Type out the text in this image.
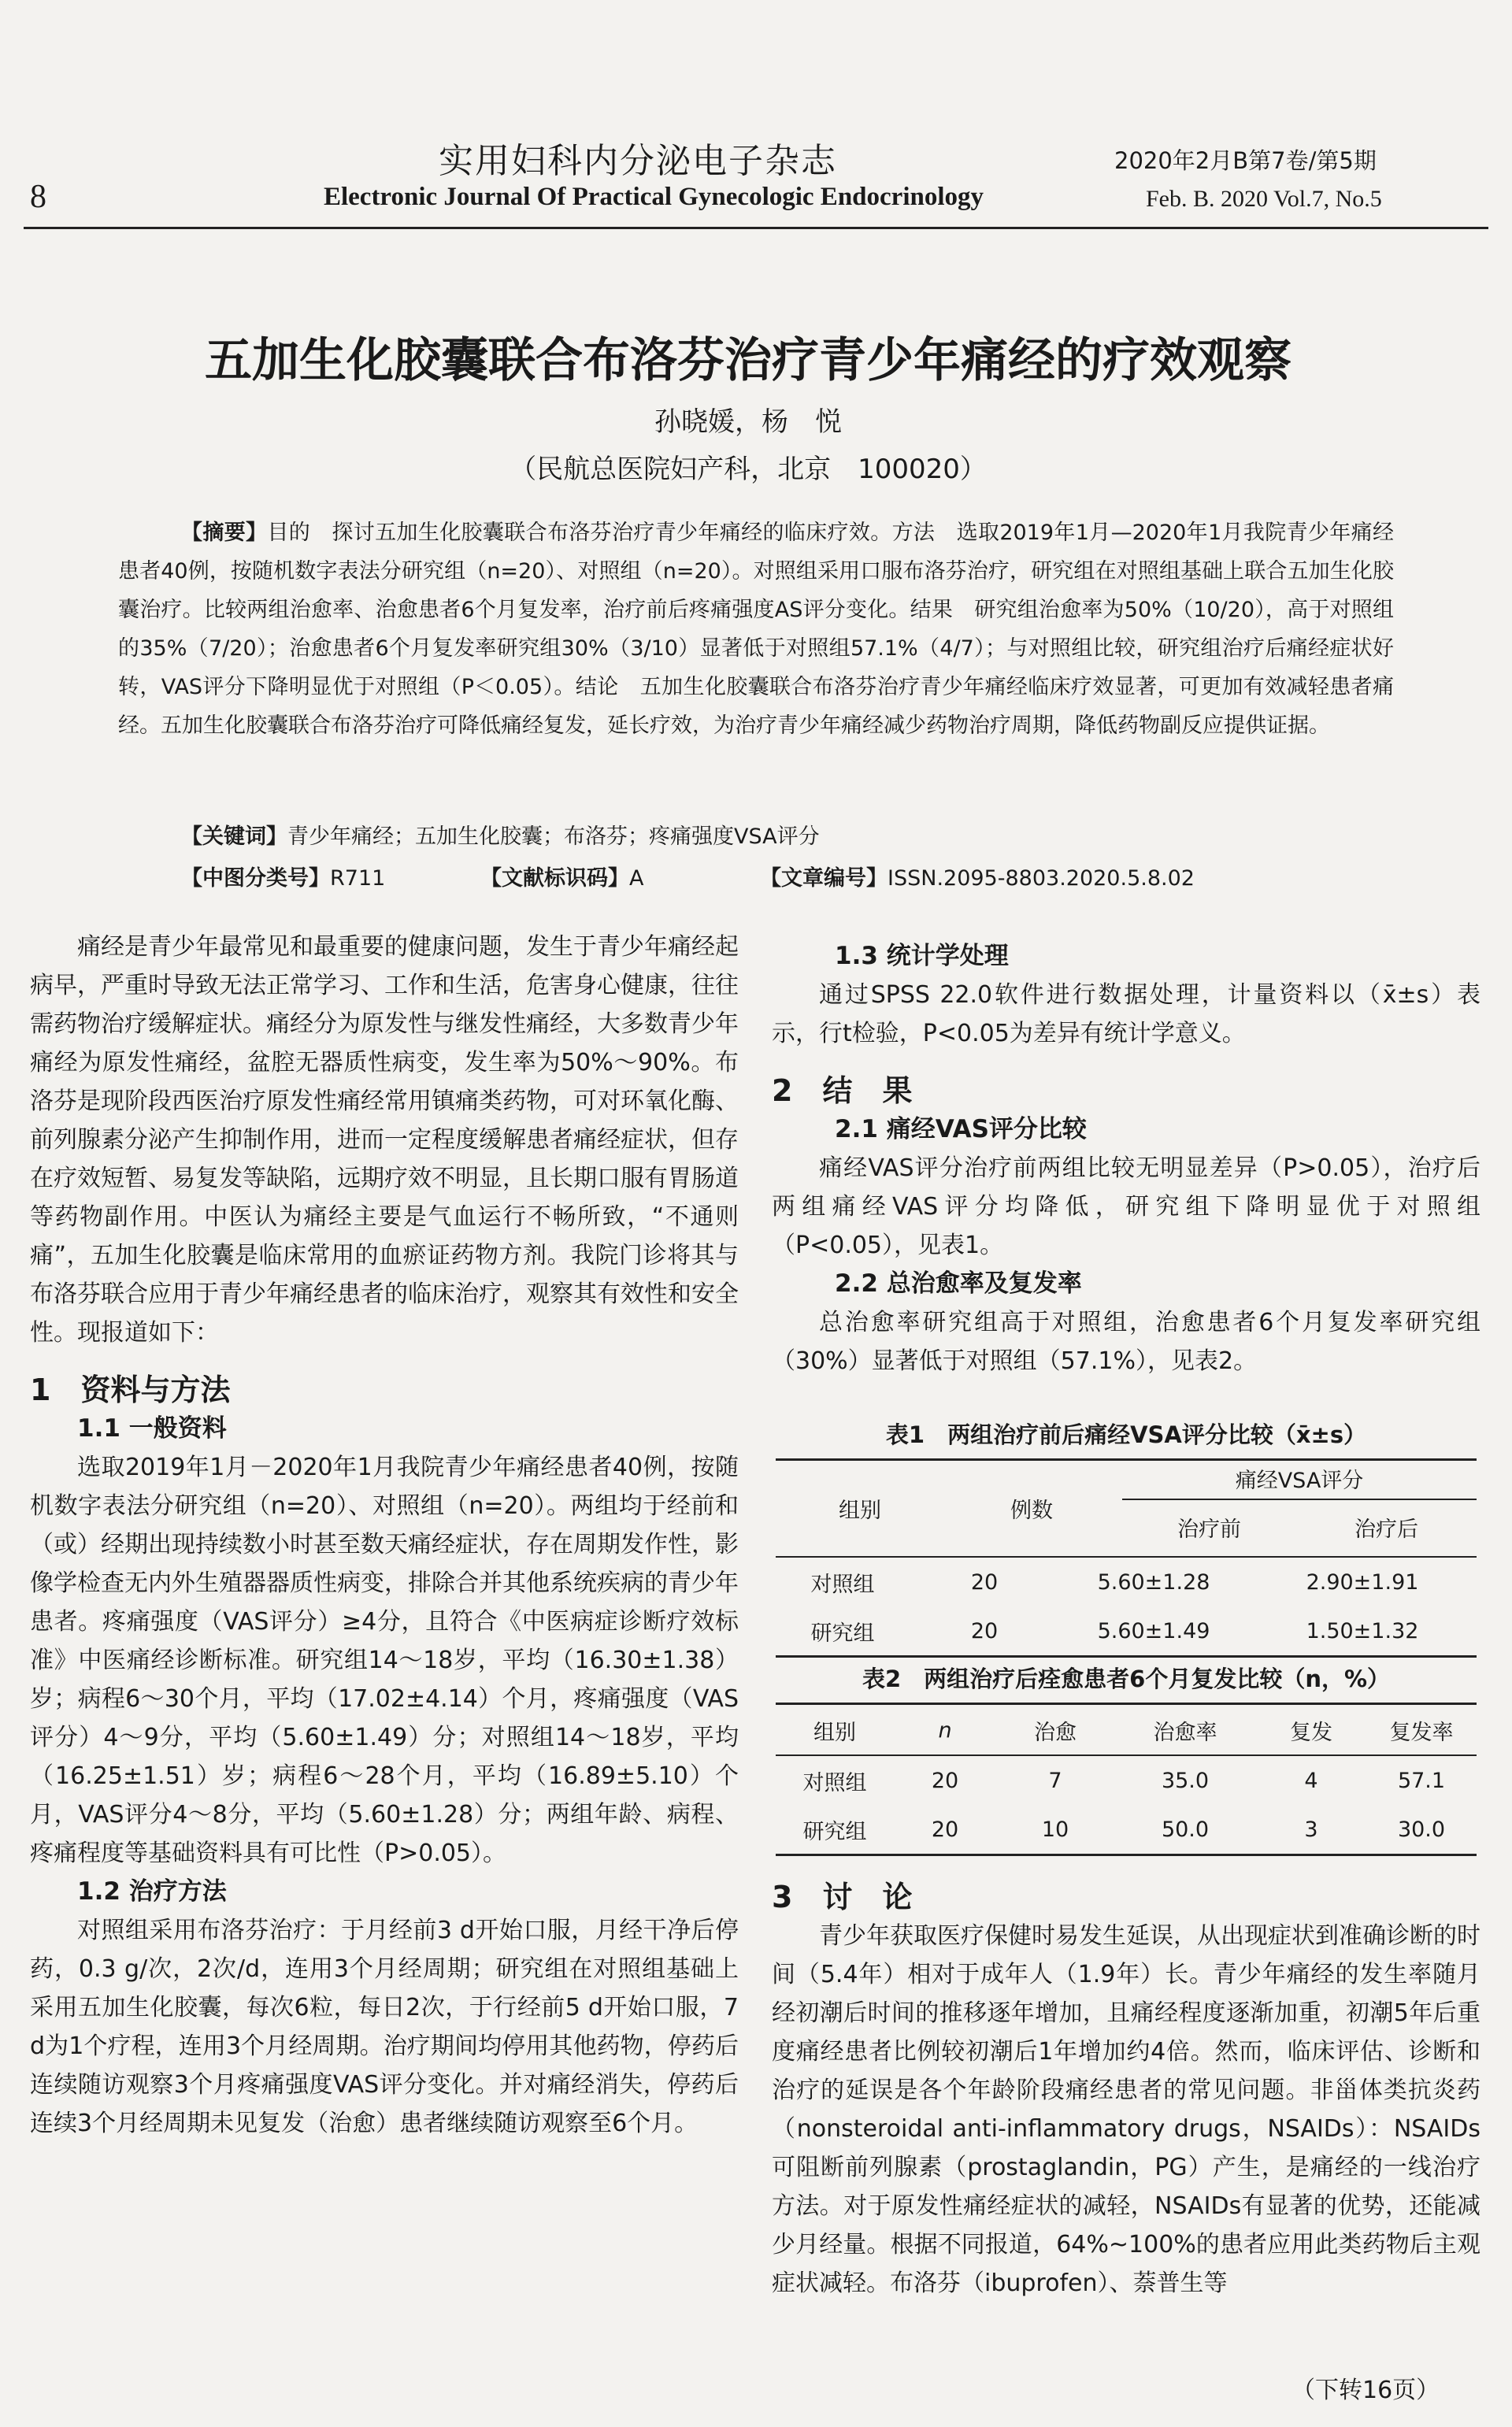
8
实用妇科内分泌电子杂志
Electronic Journal Of Practical Gynecologic Endocrinology
2020年2月B第7卷/第5期
Feb. B. 2020 Vol.7, No.5
五加生化胶囊联合布洛芬治疗青少年痛经的疗效观察
孙晓媛，杨　悦
（民航总医院妇产科，北京　100020）
【摘要】目的　探讨五加生化胶囊联合布洛芬治疗青少年痛经的临床疗效。方法　选取2019年1月—2020年1月我院青少年痛经患者40例，按随机数字表法分研究组（n=20）、对照组（n=20）。对照组采用口服布洛芬治疗，研究组在对照组基础上联合五加生化胶囊治疗。比较两组治愈率、治愈患者6个月复发率，治疗前后疼痛强度AS评分变化。结果　研究组治愈率为50%（10/20），高于对照组的35%（7/20）；治愈患者6个月复发率研究组30%（3/10）显著低于对照组57.1%（4/7）；与对照组比较，研究组治疗后痛经症状好转，VAS评分下降明显优于对照组（P＜0.05）。结论　五加生化胶囊联合布洛芬治疗青少年痛经临床疗效显著，可更加有效减轻患者痛经。五加生化胶囊联合布洛芬治疗可降低痛经复发，延长疗效，为治疗青少年痛经减少药物治疗周期，降低药物副反应提供证据。
【关键词】青少年痛经；五加生化胶囊；布洛芬；疼痛强度VSA评分
【中图分类号】R711	【文献标识码】A	【文章编号】ISSN.2095-8803.2020.5.8.02

痛经是青少年最常见和最重要的健康问题，发生于青少年痛经起病早，严重时导致无法正常学习、工作和生活，危害身心健康，往往需药物治疗缓解症状。痛经分为原发性与继发性痛经，大多数青少年痛经为原发性痛经，盆腔无器质性病变，发生率为50%～90%。布洛芬是现阶段西医治疗原发性痛经常用镇痛类药物，可对环氧化酶、前列腺素分泌产生抑制作用，进而一定程度缓解患者痛经症状，但存在疗效短暂、易复发等缺陷，远期疗效不明显，且长期口服有胃肠道等药物副作用。中医认为痛经主要是气血运行不畅所致，“不通则痛”，五加生化胶囊是临床常用的血瘀证药物方剂。我院门诊将其与布洛芬联合应用于青少年痛经患者的临床治疗，观察其有效性和安全性。现报道如下：

1　资料与方法
1.1 一般资料

选取2019年1月－2020年1月我院青少年痛经患者40例，按随机数字表法分研究组（n=20）、对照组（n=20）。两组均于经前和（或）经期出现持续数小时甚至数天痛经症状，存在周期发作性，影像学检查无内外生殖器器质性病变，排除合并其他系统疾病的青少年患者。疼痛强度（VAS评分）≥4分，且符合《中医病症诊断疗效标准》中医痛经诊断标准。研究组14～18岁，平均（16.30±1.38）岁；病程6～30个月，平均（17.02±4.14）个月，疼痛强度（VAS评分）4～9分，平均（5.60±1.49）分；对照组14～18岁，平均（16.25±1.51）岁；病程6～28个月，平均（16.89±5.10）个月，VAS评分4～8分，平均（5.60±1.28）分；两组年龄、病程、疼痛程度等基础资料具有可比性（P>0.05）。

1.2 治疗方法

对照组采用布洛芬治疗：于月经前3 d开始口服，月经干净后停药，0.3 g/次，2次/d，连用3个月经周期；研究组在对照组基础上采用五加生化胶囊，每次6粒，每日2次，于行经前5 d开始口服，7 d为1个疗程，连用3个月经周期。治疗期间均停用其他药物，停药后连续随访观察3个月疼痛强度VAS评分变化。并对痛经消失，停药后连续3个月经周期未见复发（治愈）患者继续随访观察至6个月。

1.3 统计学处理

通过SPSS 22.0软件进行数据处理，计量资料以（x̄±s）表示，行t检验，P<0.05为差异有统计学意义。

2　结　果
2.1 痛经VAS评分比较

痛经VAS评分治疗前两组比较无明显差异（P>0.05），治疗后两组痛经VAS评分均降低，研究组下降明显优于对照组（P<0.05），见表1。

2.2 总治愈率及复发率

总治愈率研究组高于对照组，治愈患者6个月复发率研究组（30%）显著低于对照组（57.1%），见表2。

表1　两组治疗前后痛经VSA评分比较（x̄±s）
组别	例数
痛经VSA评分
治疗前	治疗后
对照组	20	5.60±1.28	2.90±1.91
研究组	20	5.60±1.49	1.50±1.32
表2　两组治疗后痊愈患者6个月复发比较（n，%）
组别	n	治愈	治愈率	复发	复发率

对照组	20	7	35.0	4	57.1
研究组	20	10	50.0	3	30.0
3　讨　论

青少年获取医疗保健时易发生延误，从出现症状到准确诊断的时间（5.4年）相对于成年人（1.9年）长。青少年痛经的发生率随月经初潮后时间的推移逐年增加，且痛经程度逐渐加重，初潮5年后重度痛经患者比例较初潮后1年增加约4倍。然而，临床评估、诊断和治疗的延误是各个年龄阶段痛经患者的常见问题。非甾体类抗炎药（nonsteroidal anti-inflammatory drugs，NSAIDs）：NSAIDs可阻断前列腺素（prostaglandin，PG）产生，是痛经的一线治疗方法。对于原发性痛经症状的减轻，NSAIDs有显著的优势，还能减少月经量。根据不同报道，64%~100%的患者应用此类药物后主观症状减轻。布洛芬（ibuprofen）、萘普生等

（下转16页）
